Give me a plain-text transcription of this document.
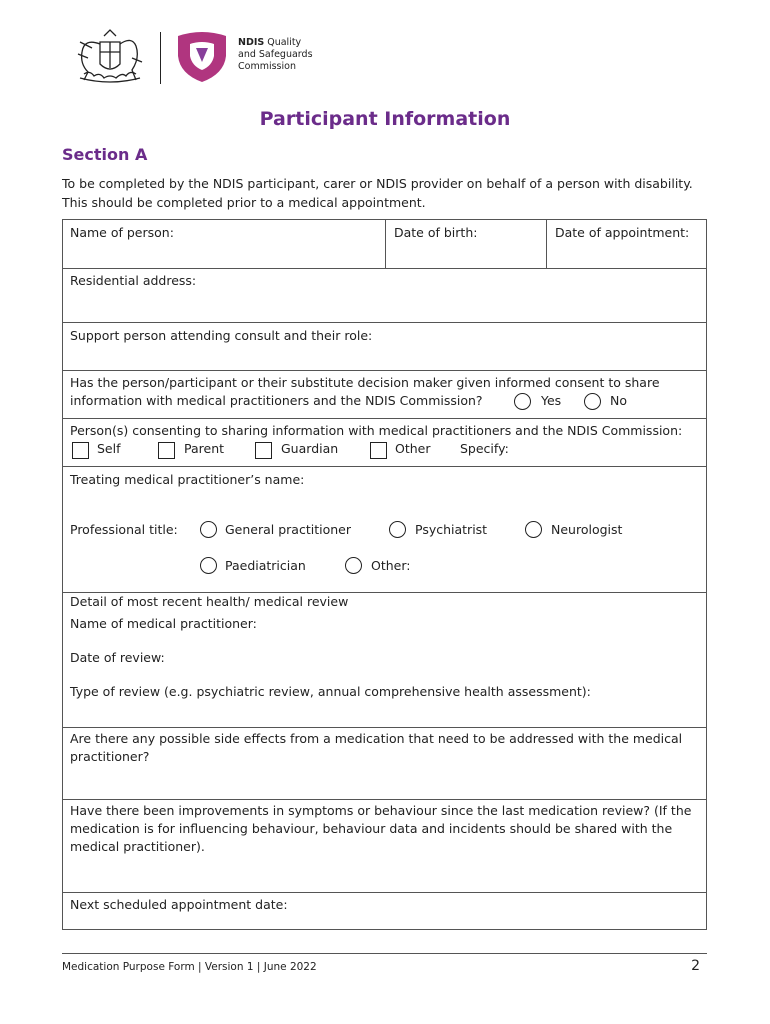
NDIS Quality
and Safeguards
Commission
Participant Information
Section A
To be completed by the NDIS participant, carer or NDIS provider on behalf of a person with disability. This should be completed prior to a medical appointment.
Name of person:	Date of birth:	Date of appointment:
Residential address:
Support person attending consult and their role:
Has the person/participant or their substitute decision maker given informed consent to share information with medical practitioners and the NDIS Commission?	Yes	No
Person(s) consenting to sharing information with medical practitioners and the NDIS Commission:
Self	Parent	Guardian	Other Specify:
Treating medical practitioner’s name:
Professional title:	General practitioner	Psychiatrist	Neurologist
Paediatrician	Other:
Detail of most recent health/ medical review
Name of medical practitioner:
Date of review:
Type of review (e.g. psychiatric review, annual comprehensive health assessment):
Are there any possible side effects from a medication that need to be addressed with the medical practitioner?
Have there been improvements in symptoms or behaviour since the last medication review? (If the medication is for influencing behaviour, behaviour data and incidents should be shared with the medical practitioner).
Next scheduled appointment date:
Medication Purpose Form | Version 1 | June 2022	2
